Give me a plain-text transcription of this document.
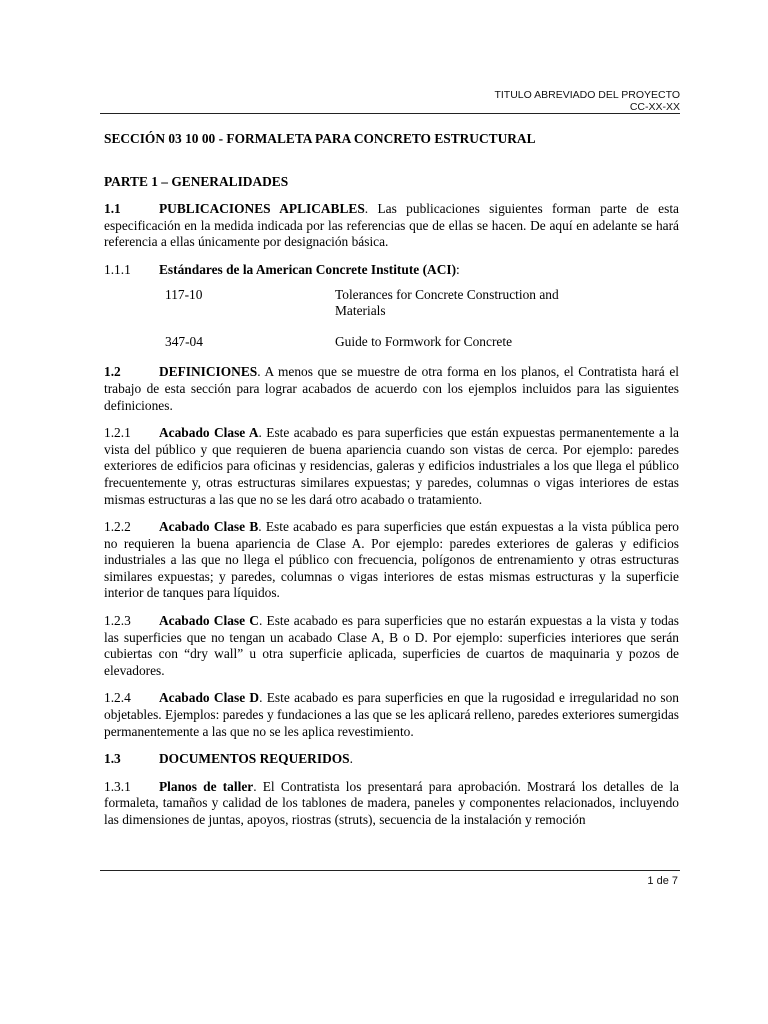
TITULO ABREVIADO DEL PROYECTO
CC-XX-XX
SECCIÓN 03 10 00 - FORMALETA PARA CONCRETO ESTRUCTURAL
PARTE 1 – GENERALIDADES

1.1	PUBLICACIONES APLICABLES. Las publicaciones siguientes forman parte de esta especificación en la medida indicada por las referencias que de ellas se hacen. De aquí en adelante se hará referencia a ellas únicamente por designación básica.

1.1.1 Estándares de la American Concrete Institute (ACI):

117-10	Tolerances for Concrete Construction and Materials
347-04	Guide to Formwork for Concrete

1.2	DEFINICIONES. A menos que se muestre de otra forma en los planos, el Contratista hará el trabajo de esta sección para lograr acabados de acuerdo con los ejemplos incluidos para las siguientes definiciones.

1.2.1 Acabado Clase A. Este acabado es para superficies que están expuestas permanentemente a la vista del público y que requieren de buena apariencia cuando son vistas de cerca. Por ejemplo: paredes exteriores de edificios para oficinas y residencias, galeras y edificios industriales a los que llega el público frecuentemente y, otras estructuras similares expuestas; y paredes, columnas o vigas interiores de estas mismas estructuras a las que no se les dará otro acabado o tratamiento.

1.2.2 Acabado Clase B. Este acabado es para superficies que están expuestas a la vista pública pero no requieren la buena apariencia de Clase A. Por ejemplo: paredes exteriores de galeras y edificios industriales a las que no llega el público con frecuencia, polígonos de entrenamiento y otras estructuras similares expuestas; y paredes, columnas o vigas interiores de estas mismas estructuras y la superficie interior de tanques para líquidos.

1.2.3 Acabado Clase C. Este acabado es para superficies que no estarán expuestas a la vista y todas las superficies que no tengan un acabado Clase A, B o D. Por ejemplo: superficies interiores que serán cubiertas con “dry wall” u otra superficie aplicada, superficies de cuartos de maquinaria y pozos de elevadores.

1.2.4 Acabado Clase D. Este acabado es para superficies en que la rugosidad e irregularidad no son objetables. Ejemplos: paredes y fundaciones a las que se les aplicará relleno, paredes exteriores sumergidas permanentemente a las que no se les aplica revestimiento.

1.3	DOCUMENTOS REQUERIDOS.

1.3.1 Planos de taller. El Contratista los presentará para aprobación. Mostrará los detalles de la formaleta, tamaños y calidad de los tablones de madera, paneles y componentes relacionados, incluyendo las dimensiones de juntas, apoyos, riostras (struts), secuencia de la instalación y remoción

1 de 7
